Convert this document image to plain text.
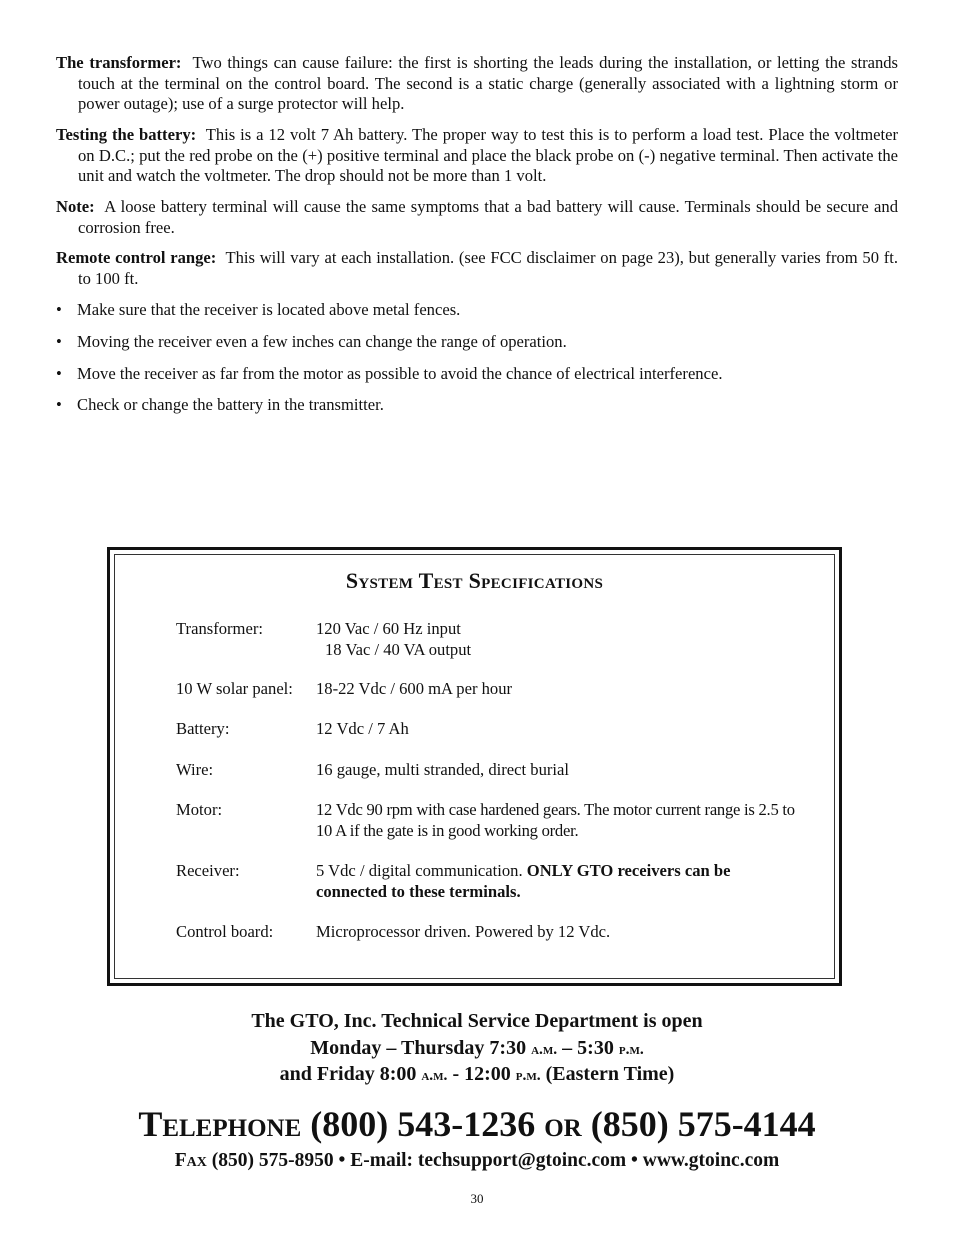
The transformer: Two things can cause failure: the first is shorting the leads during the installation, or letting the strands touch at the terminal on the control board. The second is a static charge (generally associated with a lightning storm or power outage); use of a surge protector will help.
Testing the battery: This is a 12 volt 7 Ah battery. The proper way to test this is to perform a load test. Place the voltmeter on D.C.; put the red probe on the (+) positive terminal and place the black probe on (-) negative terminal. Then activate the unit and watch the voltmeter. The drop should not be more than 1 volt.
Note: A loose battery terminal will cause the same symptoms that a bad battery will cause. Terminals should be secure and corrosion free.
Remote control range: This will vary at each installation. (see FCC disclaimer on page 23), but generally varies from 50 ft. to 100 ft.
• Make sure that the receiver is located above metal fences.
• Moving the receiver even a few inches can change the range of operation.
• Move the receiver as far from the motor as possible to avoid the chance of electrical interference.
• Check or change the battery in the transmitter.
System Test Specifications
Transformer:	120 Vac / 60 Hz input
18 Vac / 40 VA output
10 W solar panel: 18-22 Vdc / 600 mA per hour
Battery:	12 Vdc / 7 Ah
Wire:	16 gauge, multi stranded, direct burial
Motor:	12 Vdc 90 rpm with case hardened gears. The motor current range is 2.5 to 10 A if the gate is in good working order.
Receiver:	5 Vdc / digital communication. ONLY GTO receivers can be connected to these terminals.
Control board:	Microprocessor driven. Powered by 12 Vdc.
The GTO, Inc. Technical Service Department is open
Monday – Thursday 7:30 a.m. – 5:30 p.m.
and Friday 8:00 a.m. - 12:00 p.m. (Eastern Time)
Telephone (800) 543-1236 or (850) 575-4144
Fax (850) 575-8950 • E-mail: techsupport@gtoinc.com • www.gtoinc.com
30
